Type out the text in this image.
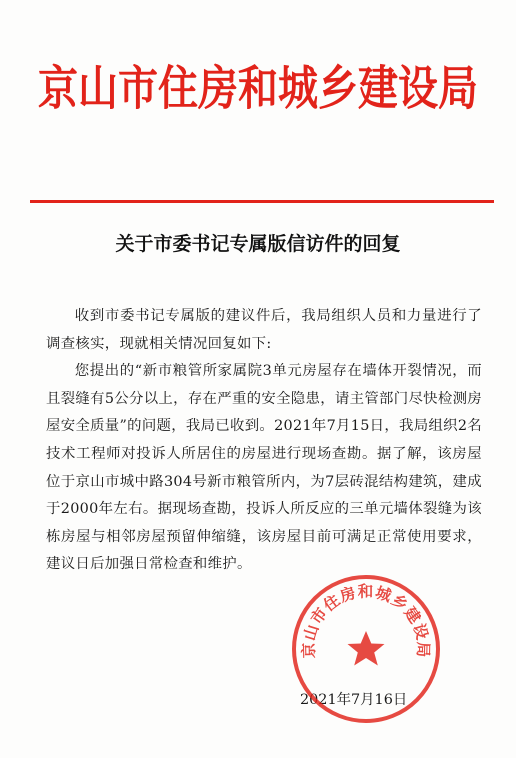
京山市住房和城乡建设局
关于市委书记专属版信访件的回复

收到市委书记专属版的建议件后，我局组织人员和力量进行了调查核实，现就相关情况回复如下:

您提出的“新市粮管所家属院3单元房屋存在墙体开裂情况，而且裂缝有5公分以上，存在严重的安全隐患，请主管部门尽快检测房屋安全质量”的问题，我局已收到。2021年7月15日，我局组织2名技术工程师对投诉人所居住的房屋进行现场查勘。据了解，该房屋位于京山市城中路304号新市粮管所内，为7层砖混结构建筑，建成于2000年左右。据现场查勘，投诉人所反应的三单元墙体裂缝为该栋房屋与相邻房屋预留伸缩缝，该房屋目前可满足正常使用要求，建议日后加强日常检查和维护。

2021年7月16日
京山市住房和城乡建设局
